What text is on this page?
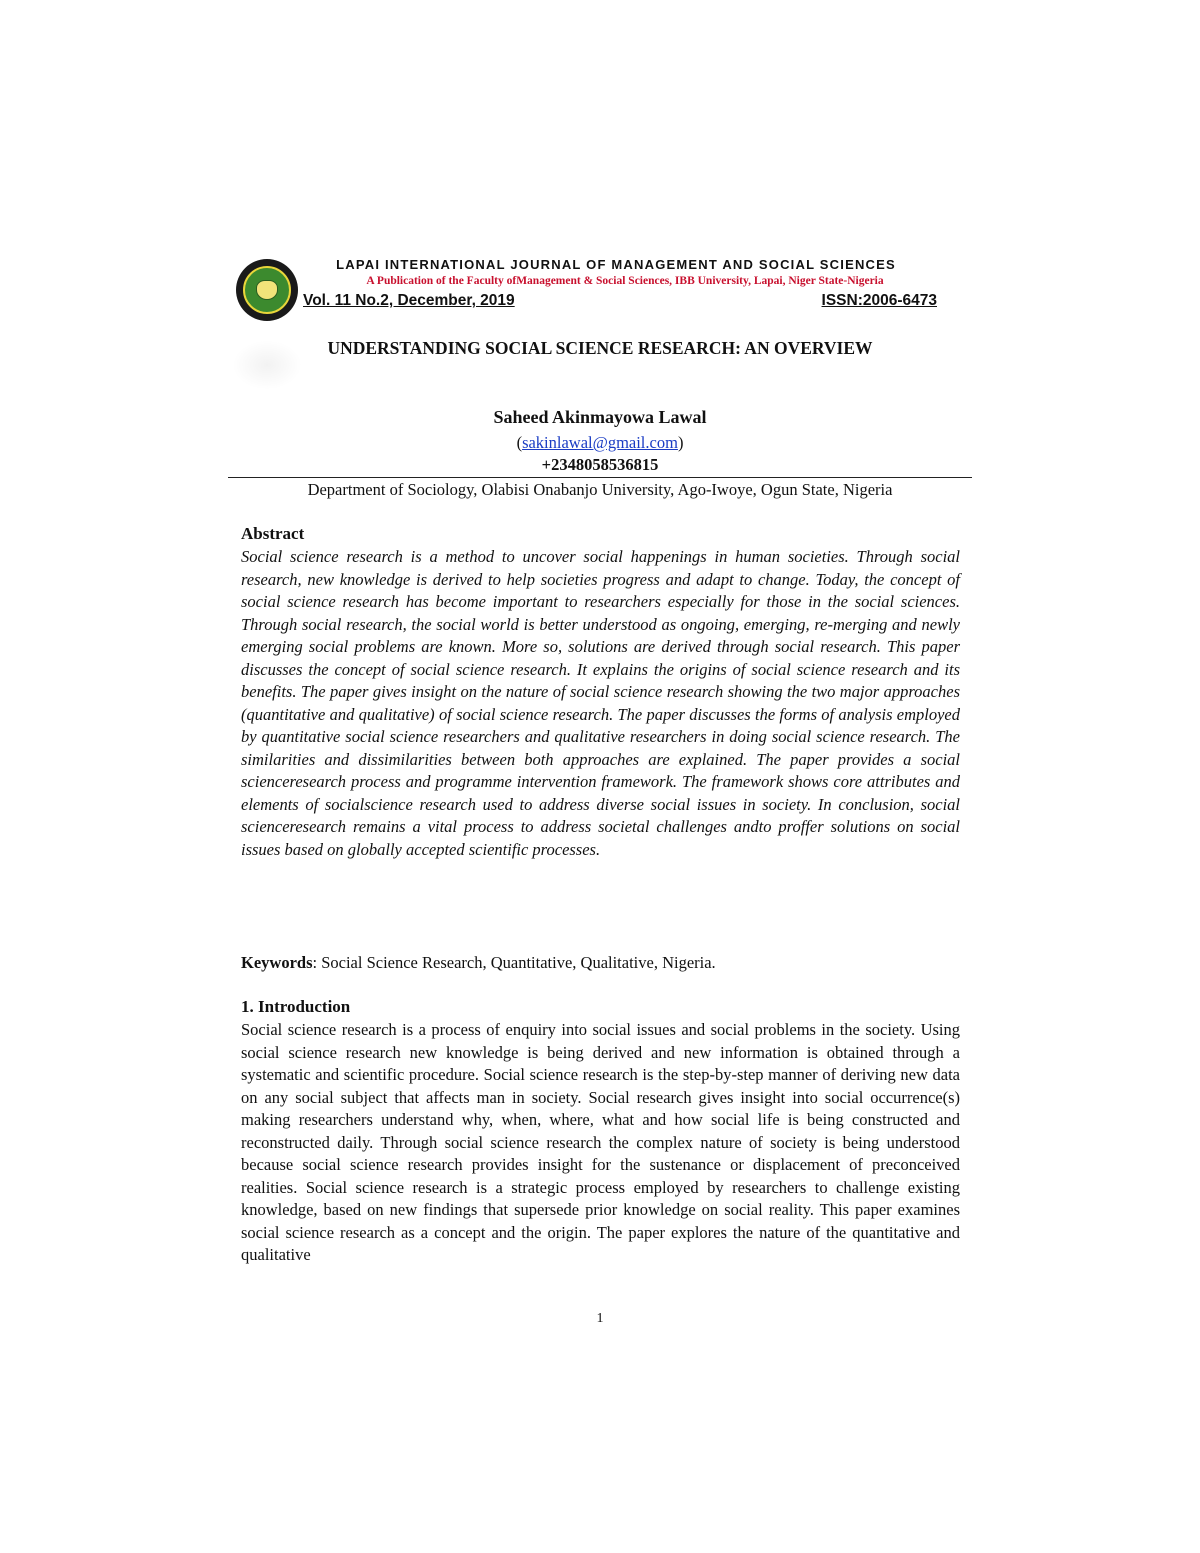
LAPAI INTERNATIONAL JOURNAL OF MANAGEMENT AND SOCIAL SCIENCES
A Publication of the Faculty ofManagement & Social Sciences, IBB University, Lapai, Niger State-Nigeria
Vol. 11 No.2, December, 2019	ISSN:2006-6473
UNDERSTANDING SOCIAL SCIENCE RESEARCH: AN OVERVIEW
Saheed Akinmayowa Lawal
(sakinlawal@gmail.com)
+2348058536815
Department of Sociology, Olabisi Onabanjo University, Ago-Iwoye, Ogun State, Nigeria
Abstract

Social science research is a method to uncover social happenings in human societies. Through social research, new knowledge is derived to help societies progress and adapt to change. Today, the concept of social science research has become important to researchers especially for those in the social sciences. Through social research, the social world is better understood as ongoing, emerging, re-merging and newly emerging social problems are known. More so, solutions are derived through social research. This paper discusses the concept of social science research. It explains the origins of social science research and its benefits. The paper gives insight on the nature of social science research showing the two major approaches (quantitative and qualitative) of social science research. The paper discusses the forms of analysis employed by quantitative social science researchers and qualitative researchers in doing social science research. The similarities and dissimilarities between both approaches are explained. The paper provides a social scienceresearch process and programme intervention framework. The framework shows core attributes and elements of socialscience research used to address diverse social issues in society. In conclusion, social scienceresearch remains a vital process to address societal challenges andto proffer solutions on social issues based on globally accepted scientific processes.

Keywords: Social Science Research, Quantitative, Qualitative, Nigeria.
1. Introduction

Social science research is a process of enquiry into social issues and social problems in the society. Using social science research new knowledge is being derived and new information is obtained through a systematic and scientific procedure. Social science research is the step-by-step manner of deriving new data on any social subject that affects man in society. Social research gives insight into social occurrence(s) making researchers understand why, when, where, what and how social life is being constructed and reconstructed daily. Through social science research the complex nature of society is being understood because social science research provides insight for the sustenance or displacement of preconceived realities. Social science research is a strategic process employed by researchers to challenge existing knowledge, based on new findings that supersede prior knowledge on social reality. This paper examines social science research as a concept and the origin. The paper explores the nature of the quantitative and qualitative

1
